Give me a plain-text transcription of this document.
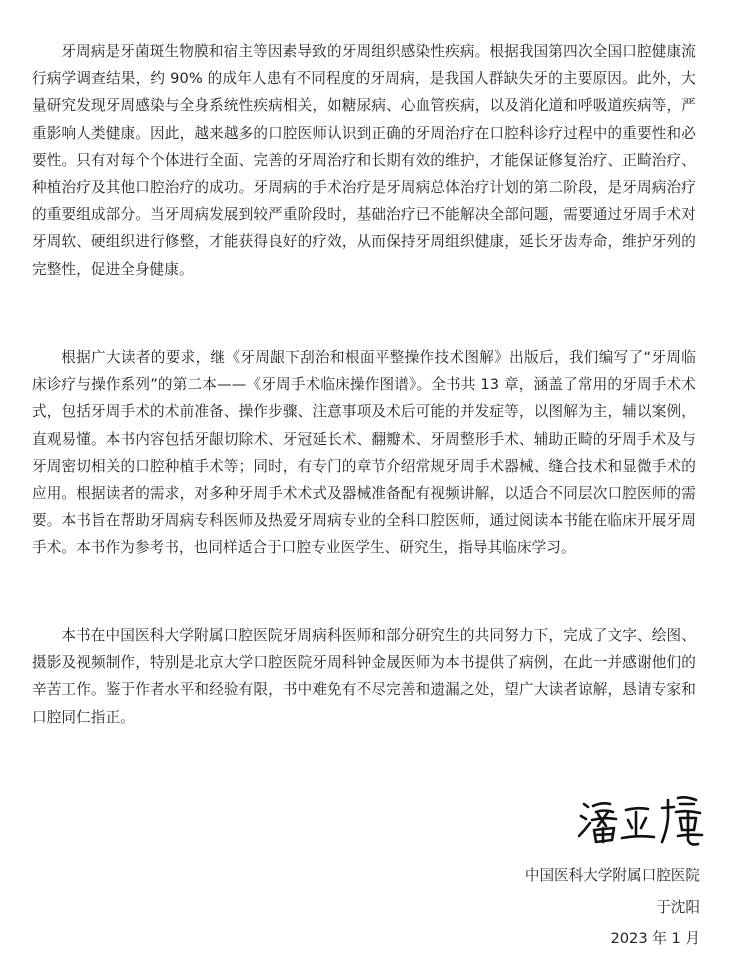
牙周病是牙菌斑生物膜和宿主等因素导致的牙周组织感染性疾病。根据我国第四次全国口腔健康流行病学调查结果，约 90% 的成年人患有不同程度的牙周病，是我国人群缺失牙的主要原因。此外，大量研究发现牙周感染与全身系统性疾病相关，如糖尿病、心血管疾病，以及消化道和呼吸道疾病等，严重影响人类健康。因此，越来越多的口腔医师认识到正确的牙周治疗在口腔科诊疗过程中的重要性和必要性。只有对每个个体进行全面、完善的牙周治疗和长期有效的维护，才能保证修复治疗、正畸治疗、种植治疗及其他口腔治疗的成功。牙周病的手术治疗是牙周病总体治疗计划的第二阶段，是牙周病治疗的重要组成部分。当牙周病发展到较严重阶段时，基础治疗已不能解决全部问题，需要通过牙周手术对牙周软、硬组织进行修整，才能获得良好的疗效，从而保持牙周组织健康，延长牙齿寿命，维护牙列的完整性，促进全身健康。

根据广大读者的要求，继《牙周龈下刮治和根面平整操作技术图解》出版后，我们编写了“牙周临床诊疗与操作系列”的第二本——《牙周手术临床操作图谱》。全书共 13 章，涵盖了常用的牙周手术术式，包括牙周手术的术前准备、操作步骤、注意事项及术后可能的并发症等，以图解为主，辅以案例，直观易懂。本书内容包括牙龈切除术、牙冠延长术、翻瓣术、牙周整形手术、辅助正畸的牙周手术及与牙周密切相关的口腔种植手术等；同时，有专门的章节介绍常规牙周手术器械、缝合技术和显微手术的应用。根据读者的需求，对多种牙周手术术式及器械准备配有视频讲解，以适合不同层次口腔医师的需要。本书旨在帮助牙周病专科医师及热爱牙周病专业的全科口腔医师，通过阅读本书能在临床开展牙周手术。本书作为参考书，也同样适合于口腔专业医学生、研究生，指导其临床学习。

本书在中国医科大学附属口腔医院牙周病科医师和部分研究生的共同努力下，完成了文字、绘图、摄影及视频制作，特别是北京大学口腔医院牙周科钟金晟医师为本书提供了病例，在此一并感谢他们的辛苦工作。鉴于作者水平和经验有限，书中难免有不尽完善和遗漏之处，望广大读者谅解，恳请专家和口腔同仁指正。

中国医科大学附属口腔医院

于沈阳

2023 年 1 月
